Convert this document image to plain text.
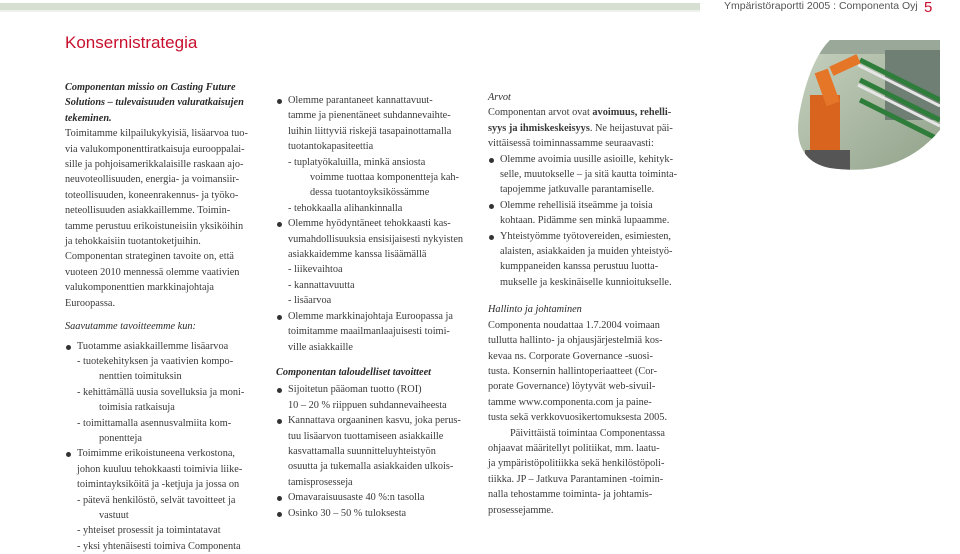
Ympäristöraportti 2005 : Componenta Oyj 5
Konsernistrategia

Componentan missio on Casting Future

Solutions – tulevaisuuden valuratkaisujen

tekeminen.

Toimitamme kilpailukykyisiä, lisäarvoa tuo-
via valukomponenttiratkaisuja eurooppalai-
sille ja pohjoisamerikkalaisille raskaan ajo-
neuvoteollisuuden, energia- ja voimansiir-
toteollisuuden, koneenrakennus- ja työko-
neteollisuuden asiakkaillemme. Toimin-
tamme perustuu erikoistuneisiin yksiköihin
ja tehokkaisiin tuotantoketjuihin.
Componentan strateginen tavoite on, että
vuoteen 2010 mennessä olemme vaativien
valukomponenttien markkinajohtaja
Euroopassa.

Saavutamme tavoitteemme kun:

Tuotamme asiakkaillemme lisäarvoa
- tuotekehityksen ja vaativien kompo-
nenttien toimituksin
- kehittämällä uusia sovelluksia ja moni-
toimisia ratkaisuja
- toimittamalla asennusvalmiita kom-
ponentteja
Toimimme erikoistuneena verkostona,
johon kuuluu tehokkaasti toimivia liike-
toimintayksiköitä ja -ketjuja ja jossa on
- pätevä henkilöstö, selvät tavoitteet ja
vastuut
- yhteiset prosessit ja toimintatavat
- yksi yhtenäisesti toimiva Componenta
Olemme parantaneet kannattavuut-
tamme ja pienentäneet suhdannevaihte-
luihin liittyviä riskejä tasapainottamalla
tuotantokapasiteettia
- tuplatyökaluilla, minkä ansiosta
voimme tuottaa komponentteja kah-
dessa tuotantoyksikössämme
- tehokkaalla alihankinnalla
Olemme hyödyntäneet tehokkaasti kas-
vumahdollisuuksia ensisijaisesti nykyisten
asiakkaidemme kanssa lisäämällä
- liikevaihtoa
- kannattavuutta
- lisäarvoa
Olemme markkinajohtaja Euroopassa ja
toimitamme maailmanlaajuisesti toimi-
ville asiakkaille

Componentan taloudelliset tavoitteet

Sijoitetun pääoman tuotto (ROI)
10 – 20 % riippuen suhdannevaiheesta
Kannattava orgaaninen kasvu, joka perus-
tuu lisäarvon tuottamiseen asiakkaille
kasvattamalla suunnitteluyhteistyön
osuutta ja tukemalla asiakkaiden ulkois-
tamisprosesseja
Omavaraisuusaste 40 %:n tasolla
Osinko 30 – 50 % tuloksesta

Arvot

Componentan arvot ovat avoimuus, rehelli-

syys ja ihmiskeskeisyys. Ne heijastuvat päi-

vittäisessä toiminnassamme seuraavasti:

Olemme avoimia uusille asioille, kehityk-
selle, muutokselle – ja sitä kautta toiminta-
tapojemme jatkuvalle parantamiselle.
Olemme rehellisiä itseämme ja toisia
kohtaan. Pidämme sen minkä lupaamme.
Yhteistyömme työtovereiden, esimiesten,
alaisten, asiakkaiden ja muiden yhteistyö-
kumppaneiden kanssa perustuu luotta-
mukselle ja keskinäiselle kunnioitukselle.

Hallinto ja johtaminen

Componenta noudattaa 1.7.2004 voimaan
tullutta hallinto- ja ohjausjärjestelmiä kos-
kevaa ns. Corporate Governance -suosi-
tusta. Konsernin hallintoperiaatteet (Cor-
porate Governance) löytyvät web-sivuil-
tamme www.componenta.com ja paine-
tusta sekä verkkovuosikertomuksesta 2005.
Päivittäistä toimintaa Componentassa
ohjaavat määritellyt politiikat, mm. laatu-
ja ympäristöpolitiikka sekä henkilöstöpoli-
tiikka. JP – Jatkuva Parantaminen -toimin-
nalla tehostamme toiminta- ja johtamis-
prosessejamme.
